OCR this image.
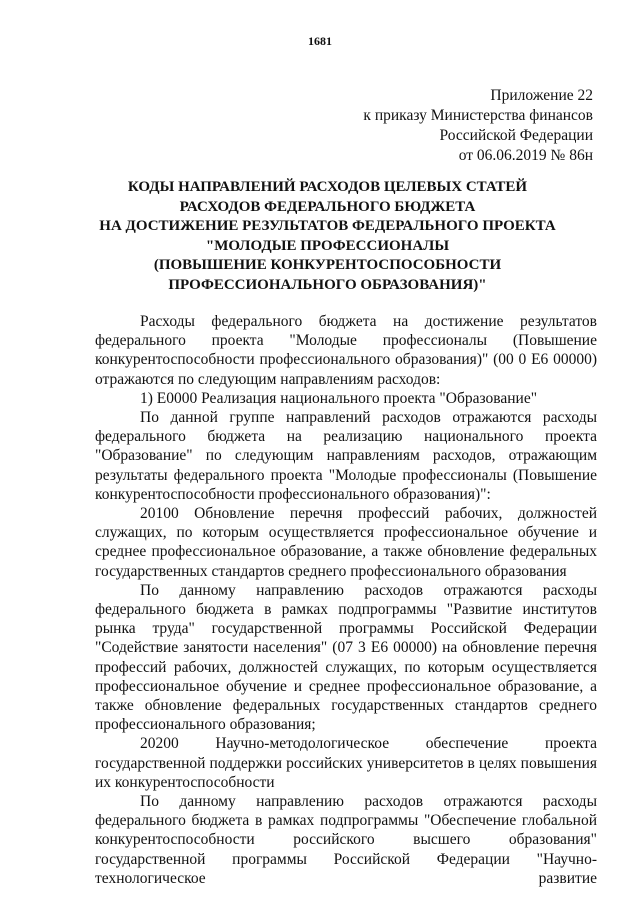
1681
Приложение 22
к приказу Министерства финансов
Российской Федерации
от 06.06.2019 № 86н
КОДЫ НАПРАВЛЕНИЙ РАСХОДОВ ЦЕЛЕВЫХ СТАТЕЙ
РАСХОДОВ ФЕДЕРАЛЬНОГО БЮДЖЕТА
НА ДОСТИЖЕНИЕ РЕЗУЛЬТАТОВ ФЕДЕРАЛЬНОГО ПРОЕКТА
"МОЛОДЫЕ ПРОФЕССИОНАЛЫ
(ПОВЫШЕНИЕ КОНКУРЕНТОСПОСОБНОСТИ
ПРОФЕССИОНАЛЬНОГО ОБРАЗОВАНИЯ)"

Расходы федерального бюджета на достижение результатов федерального проекта "Молодые профессионалы (Повышение конкурентоспособности профессионального образования)" (00 0 Е6 00000) отражаются по следующим направлениям расходов:

1) Е0000 Реализация национального проекта "Образование"

По данной группе направлений расходов отражаются расходы федерального бюджета на реализацию национального проекта "Образование" по следующим направлениям расходов, отражающим результаты федерального проекта "Молодые профессионалы (Повышение конкурентоспособности профессионального образования)":

20100 Обновление перечня профессий рабочих, должностей служащих, по которым осуществляется профессиональное обучение и среднее профессиональное образование, а также обновление федеральных государственных стандартов среднего профессионального образования

По данному направлению расходов отражаются расходы федерального бюджета в рамках подпрограммы "Развитие институтов рынка труда" государственной программы Российской Федерации "Содействие занятости населения" (07 3 Е6 00000) на обновление перечня профессий рабочих, должностей служащих, по которым осуществляется профессиональное обучение и среднее профессиональное образование, а также обновление федеральных государственных стандартов среднего профессионального образования;

20200 Научно-методологическое обеспечение проекта государственной поддержки российских университетов в целях повышения их конкурентоспособности

По данному направлению расходов отражаются расходы федерального бюджета в рамках подпрограммы "Обеспечение глобальной конкурентоспособности российского высшего образования" государственной программы Российской Федерации "Научно-технологическое развитие
